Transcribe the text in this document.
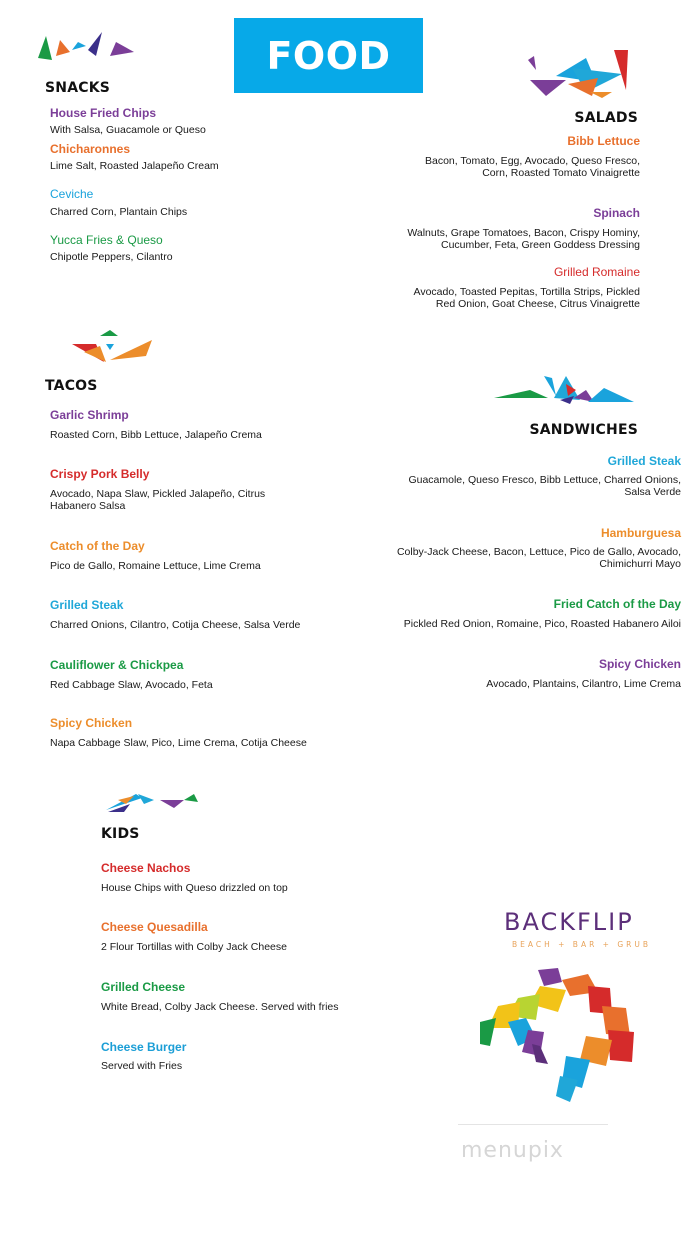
FOOD
SNACKS
House Fried Chips
With Salsa, Guacamole or Queso
Chicharonnes
Lime Salt, Roasted Jalapeño Cream
Ceviche
Charred Corn, Plantain Chips
Yucca Fries & Queso
Chipotle Peppers, Cilantro
SALADS
Bibb Lettuce
Bacon, Tomato, Egg, Avocado, Queso Fresco,
Corn, Roasted Tomato Vinaigrette
Spinach
Walnuts, Grape Tomatoes, Bacon, Crispy Hominy,
Cucumber, Feta, Green Goddess Dressing
Grilled Romaine
Avocado, Toasted Pepitas, Tortilla Strips, Pickled
Red Onion, Goat Cheese, Citrus Vinaigrette
TACOS
Garlic Shrimp
Roasted Corn, Bibb Lettuce, Jalapeño Crema
Crispy Pork Belly
Avocado, Napa Slaw, Pickled Jalapeño, Citrus
Habanero Salsa
Catch of the Day
Pico de Gallo, Romaine Lettuce, Lime Crema
Grilled Steak
Charred Onions, Cilantro, Cotija Cheese, Salsa Verde
Cauliflower & Chickpea
Red Cabbage Slaw, Avocado, Feta
Spicy Chicken
Napa Cabbage Slaw, Pico, Lime Crema, Cotija Cheese
SANDWICHES
Grilled Steak
Guacamole, Queso Fresco, Bibb Lettuce, Charred Onions,
Salsa Verde
Hamburguesa
Colby-Jack Cheese, Bacon, Lettuce, Pico de Gallo, Avocado,
Chimichurri Mayo
Fried Catch of the Day
Pickled Red Onion, Romaine, Pico, Roasted Habanero Ailoi
Spicy Chicken
Avocado, Plantains, Cilantro, Lime Crema
KIDS
Cheese Nachos
House Chips with Queso drizzled on top
Cheese Quesadilla
2 Flour Tortillas with Colby Jack Cheese
Grilled Cheese
White Bread, Colby Jack Cheese. Served with fries
Cheese Burger
Served with Fries
BACKFLIP
BEACH + BAR + GRUB
menupix
